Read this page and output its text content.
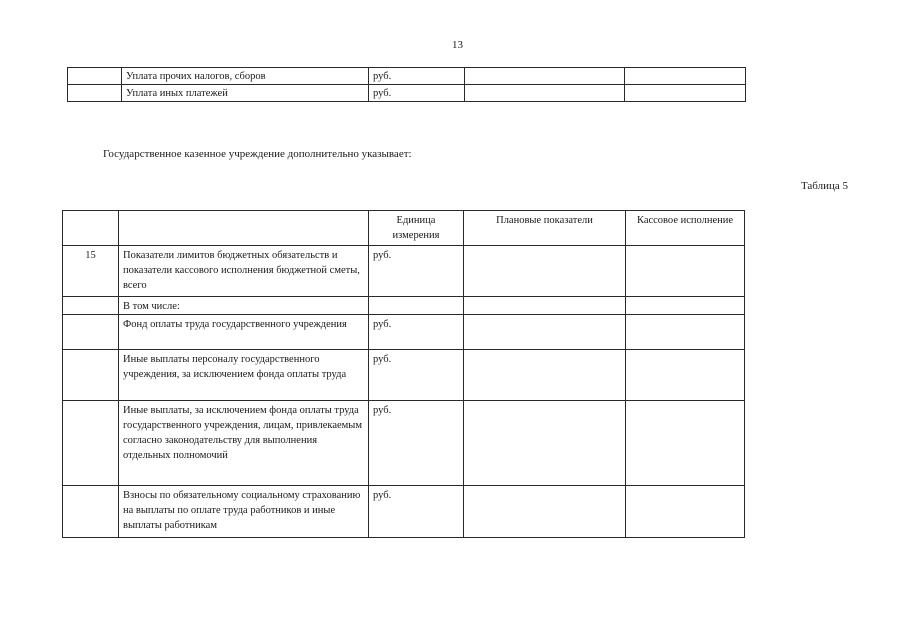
13
	Уплата прочих налогов, сборов	руб.		
	Уплата иных платежей	руб.		
Государственное казенное учреждение дополнительно указывает:
Таблица 5
		Единица измерения	Плановые показатели	Кассовое исполнение
15	Показатели лимитов бюджетных обязательств и показатели кассового исполнения бюджетной сметы, всего	руб.		
	В том числе:			
	Фонд оплаты труда государственного учреждения	руб.		
	Иные выплаты персоналу государственного учреждения, за исключением фонда оплаты труда	руб.		
	Иные выплаты, за исключением фонда оплаты труда государственного учреждения, лицам, привлекаемым согласно законодательству для выполнения отдельных полномочий	руб.		
	Взносы по обязательному социальному страхованию на выплаты по оплате труда работников и иные выплаты работникам	руб.		
